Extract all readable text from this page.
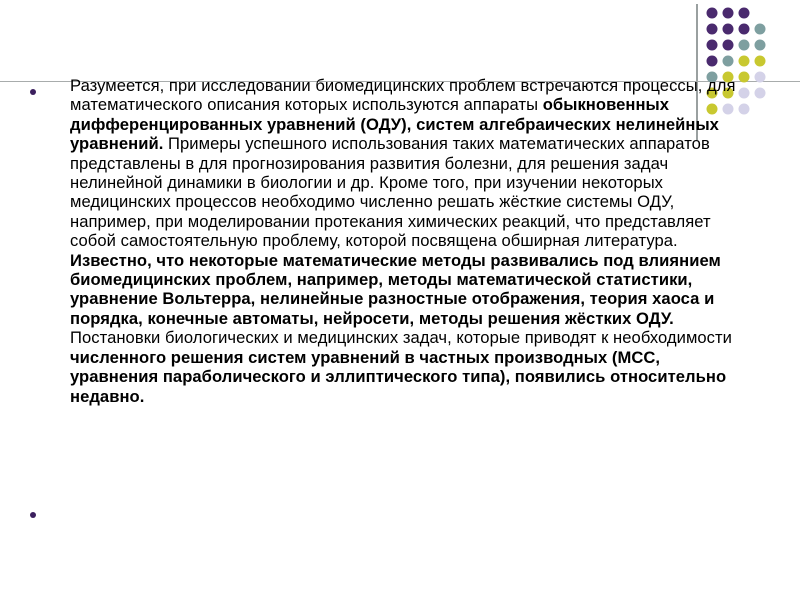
Разумеется, при исследовании биомедицинских проблем встречаются процессы, для математического описания которых используются аппараты обыкновенных дифференцированных уравнений (ОДУ), систем алгебраических нелинейных уравнений. Примеры успешного использования таких математических аппаратов представлены в для прогнозирования развития болезни, для решения задач нелинейной динамики в биологии и др. Кроме того, при изучении некоторых медицинских процессов необходимо численно решать жёсткие системы ОДУ, например, при моделировании протекания химических реакций, что представляет собой самостоятельную проблему, которой посвящена обширная литература. Известно, что некоторые математические методы развивались под влиянием биомедицинских проблем, например, методы математической статистики, уравнение Вольтерра, нелинейные разностные отображения, теория хаоса и порядка, конечные автоматы, нейросети, методы решения жёстких ОДУ. Постановки биологических и медицинских задач, которые приводят к необходимости численного решения систем уравнений в частных производных (МСС, уравнения параболического и эллиптического типа), появились относительно недавно.
